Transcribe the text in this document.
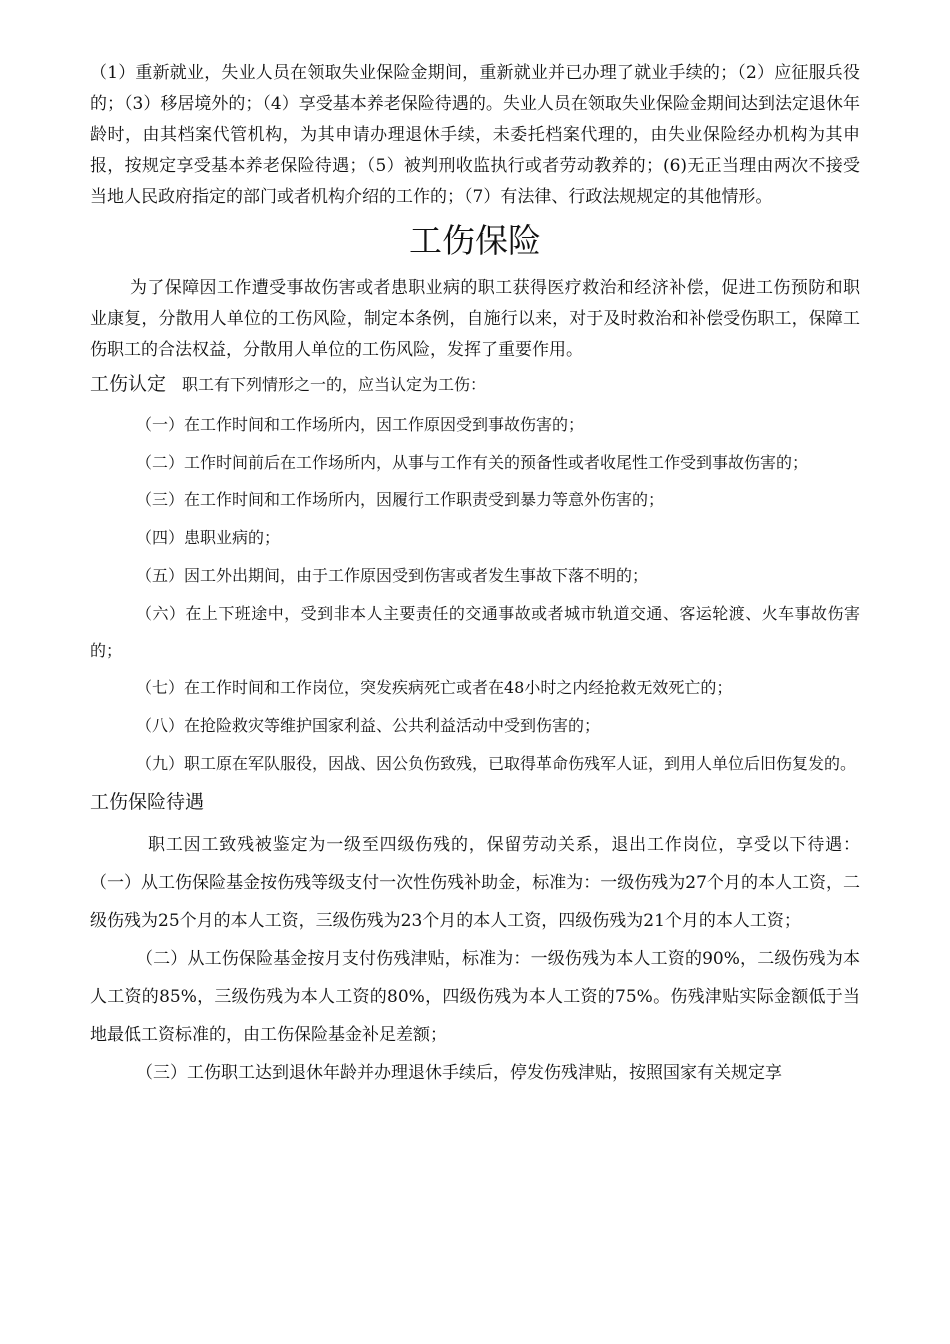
（1）重新就业，失业人员在领取失业保险金期间，重新就业并已办理了就业手续的；（2）应征服兵役的；（3）移居境外的；（4）享受基本养老保险待遇的。失业人员在领取失业保险金期间达到法定退休年龄时，由其档案代管机构，为其申请办理退休手续，未委托档案代理的，由失业保险经办机构为其申报，按规定享受基本养老保险待遇；（5）被判刑收监执行或者劳动教养的；(6)无正当理由两次不接受当地人民政府指定的部门或者机构介绍的工作的；（7）有法律、行政法规规定的其他情形。

工伤保险

为了保障因工作遭受事故伤害或者患职业病的职工获得医疗救治和经济补偿，促进工伤预防和职业康复，分散用人单位的工伤风险，制定本条例，自施行以来，对于及时救治和补偿受伤职工，保障工伤职工的合法权益，分散用人单位的工伤风险，发挥了重要作用。

工伤认定 职工有下列情形之一的，应当认定为工伤：

（一）在工作时间和工作场所内，因工作原因受到事故伤害的；

（二）工作时间前后在工作场所内，从事与工作有关的预备性或者收尾性工作受到事故伤害的；

（三）在工作时间和工作场所内，因履行工作职责受到暴力等意外伤害的；

（四）患职业病的；

（五）因工外出期间，由于工作原因受到伤害或者发生事故下落不明的；

（六）在上下班途中，受到非本人主要责任的交通事故或者城市轨道交通、客运轮渡、火车事故伤害的；

（七）在工作时间和工作岗位，突发疾病死亡或者在48小时之内经抢救无效死亡的；

（八）在抢险救灾等维护国家利益、公共利益活动中受到伤害的；

（九）职工原在军队服役，因战、因公负伤致残，已取得革命伤残军人证，到用人单位后旧伤复发的。

工伤保险待遇

职工因工致残被鉴定为一级至四级伤残的，保留劳动关系，退出工作岗位，享受以下待遇：（一）从工伤保险基金按伤残等级支付一次性伤残补助金，标准为：一级伤残为27个月的本人工资，二级伤残为25个月的本人工资，三级伤残为23个月的本人工资，四级伤残为21个月的本人工资；

（二）从工伤保险基金按月支付伤残津贴，标准为：一级伤残为本人工资的90%，二级伤残为本人工资的85%，三级伤残为本人工资的80%，四级伤残为本人工资的75%。伤残津贴实际金额低于当地最低工资标准的，由工伤保险基金补足差额；

（三）工伤职工达到退休年龄并办理退休手续后，停发伤残津贴，按照国家有关规定享
